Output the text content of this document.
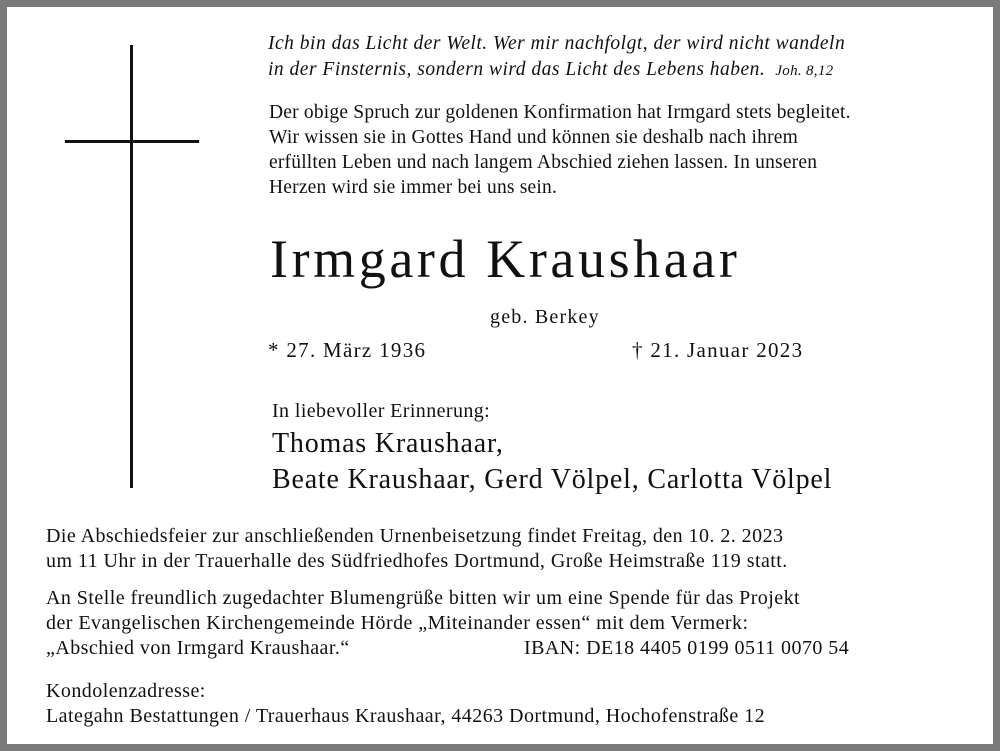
Ich bin das Licht der Welt. Wer mir nachfolgt, der wird nicht wandeln
in der Finsternis, sondern wird das Licht des Lebens haben. Joh. 8,12
Der obige Spruch zur goldenen Konfirmation hat Irmgard stets begleitet.
Wir wissen sie in Gottes Hand und können sie deshalb nach ihrem
erfüllten Leben und nach langem Abschied ziehen lassen. In unseren
Herzen wird sie immer bei uns sein.
Irmgard Kraushaar
geb. Berkey
* 27. März 1936	† 21. Januar 2023
In liebevoller Erinnerung:
Thomas Kraushaar,
Beate Kraushaar, Gerd Völpel, Carlotta Völpel
Die Abschiedsfeier zur anschließenden Urnenbeisetzung findet Freitag, den 10. 2. 2023
um 11 Uhr in der Trauerhalle des Südfriedhofes Dortmund, Große Heimstraße 119 statt.
An Stelle freundlich zugedachter Blumengrüße bitten wir um eine Spende für das Projekt
der Evangelischen Kirchengemeinde Hörde „Miteinander essen“ mit dem Vermerk:
„Abschied von Irmgard Kraushaar.“	IBAN: DE18 4405 0199 0511 0070 54
Kondolenzadresse:
Lategahn Bestattungen / Trauerhaus Kraushaar, 44263 Dortmund, Hochofenstraße 12
